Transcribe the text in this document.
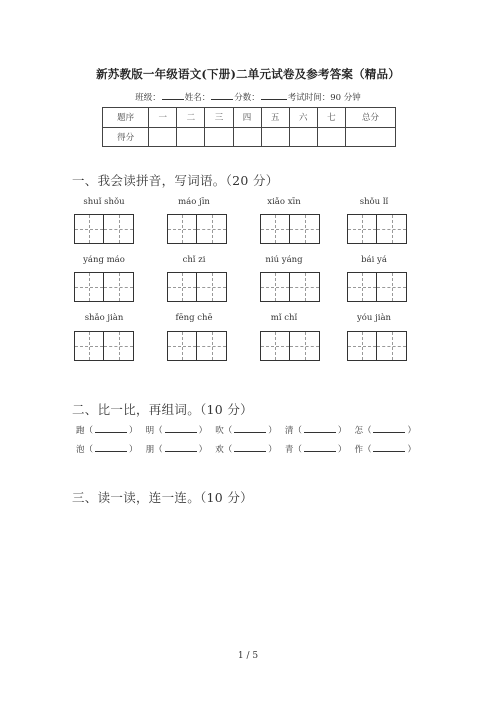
新苏教版一年级语文(下册)二单元试卷及参考答案（精品）
班级：	姓名：	分数：	考试时间：90 分钟
题序	一	二	三	四	五	六	七	总分
得分								
一、我会读拼音，写词语。（20 分）
shuǐ shǒu	máo jīn	xiǎo xīn	shǒu lǐ
yáng máo	chǐ zi	niú yáng	bái yá
shǎo jiàn	fēng chē	mǐ chǐ	yóu jiàn
二、比一比，再组词。（10 分）
跑 （	） 明 （	） 吹 （	） 清 （	） 怎 （	）
泡 （	） 朋 （	） 欢 （	） 青 （	） 作 （	）
三、读一读，连一连。（10 分）
1 / 5
